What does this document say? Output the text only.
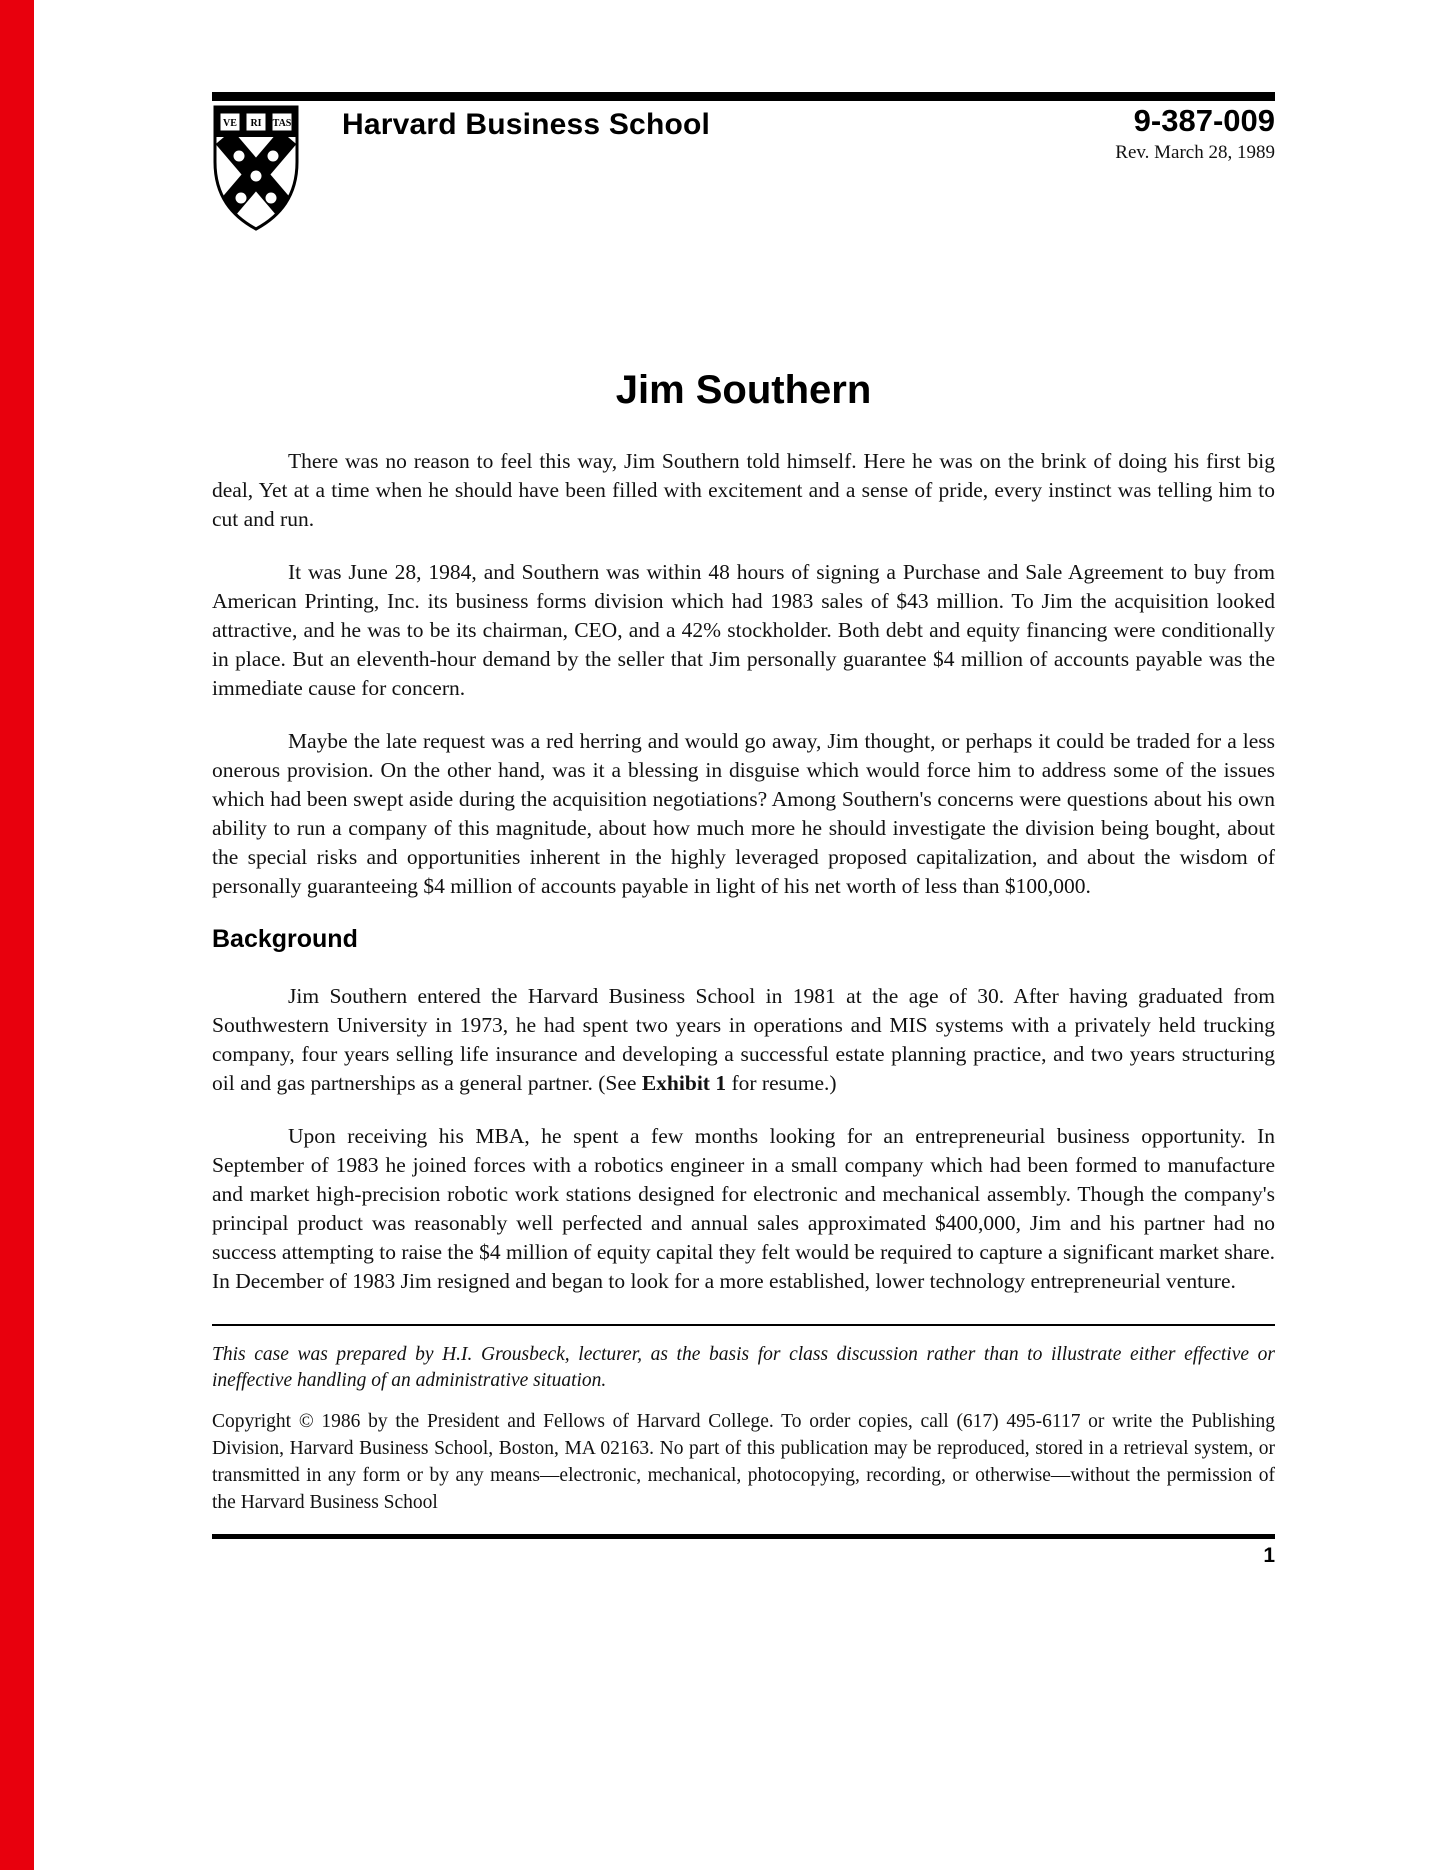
VE RI TAS Harvard Business School	9-387-009
Rev. March 28, 1989
Jim Southern

There was no reason to feel this way, Jim Southern told himself. Here he was on the brink of doing his first big deal, Yet at a time when he should have been filled with excitement and a sense of pride, every instinct was telling him to cut and run.

It was June 28, 1984, and Southern was within 48 hours of signing a Purchase and Sale Agreement to buy from American Printing, Inc. its business forms division which had 1983 sales of $43 million. To Jim the acquisition looked attractive, and he was to be its chairman, CEO, and a 42% stockholder. Both debt and equity financing were conditionally in place. But an eleventh-hour demand by the seller that Jim personally guarantee $4 million of accounts payable was the immediate cause for concern.

Maybe the late request was a red herring and would go away, Jim thought, or perhaps it could be traded for a less onerous provision. On the other hand, was it a blessing in disguise which would force him to address some of the issues which had been swept aside during the acquisition negotiations? Among Southern's concerns were questions about his own ability to run a company of this magnitude, about how much more he should investigate the division being bought, about the special risks and opportunities inherent in the highly leveraged proposed capitalization, and about the wisdom of personally guaranteeing $4 million of accounts payable in light of his net worth of less than $100,000.

Background

Jim Southern entered the Harvard Business School in 1981 at the age of 30. After having graduated from Southwestern University in 1973, he had spent two years in operations and MIS systems with a privately held trucking company, four years selling life insurance and developing a successful estate planning practice, and two years structuring oil and gas partnerships as a general partner. (See Exhibit 1 for resume.)

Upon receiving his MBA, he spent a few months looking for an entrepreneurial business opportunity. In September of 1983 he joined forces with a robotics engineer in a small company which had been formed to manufacture and market high-precision robotic work stations designed for electronic and mechanical assembly. Though the company's principal product was reasonably well perfected and annual sales approximated $400,000, Jim and his partner had no success attempting to raise the $4 million of equity capital they felt would be required to capture a significant market share. In December of 1983 Jim resigned and began to look for a more established, lower technology entrepreneurial venture.

This case was prepared by H.I. Grousbeck, lecturer, as the basis for class discussion rather than to illustrate either effective or ineffective handling of an administrative situation.

Copyright © 1986 by the President and Fellows of Harvard College. To order copies, call (617) 495-6117 or write the Publishing Division, Harvard Business School, Boston, MA 02163. No part of this publication may be reproduced, stored in a retrieval system, or transmitted in any form or by any means—electronic, mechanical, photocopying, recording, or otherwise—without the permission of the Harvard Business School

1
